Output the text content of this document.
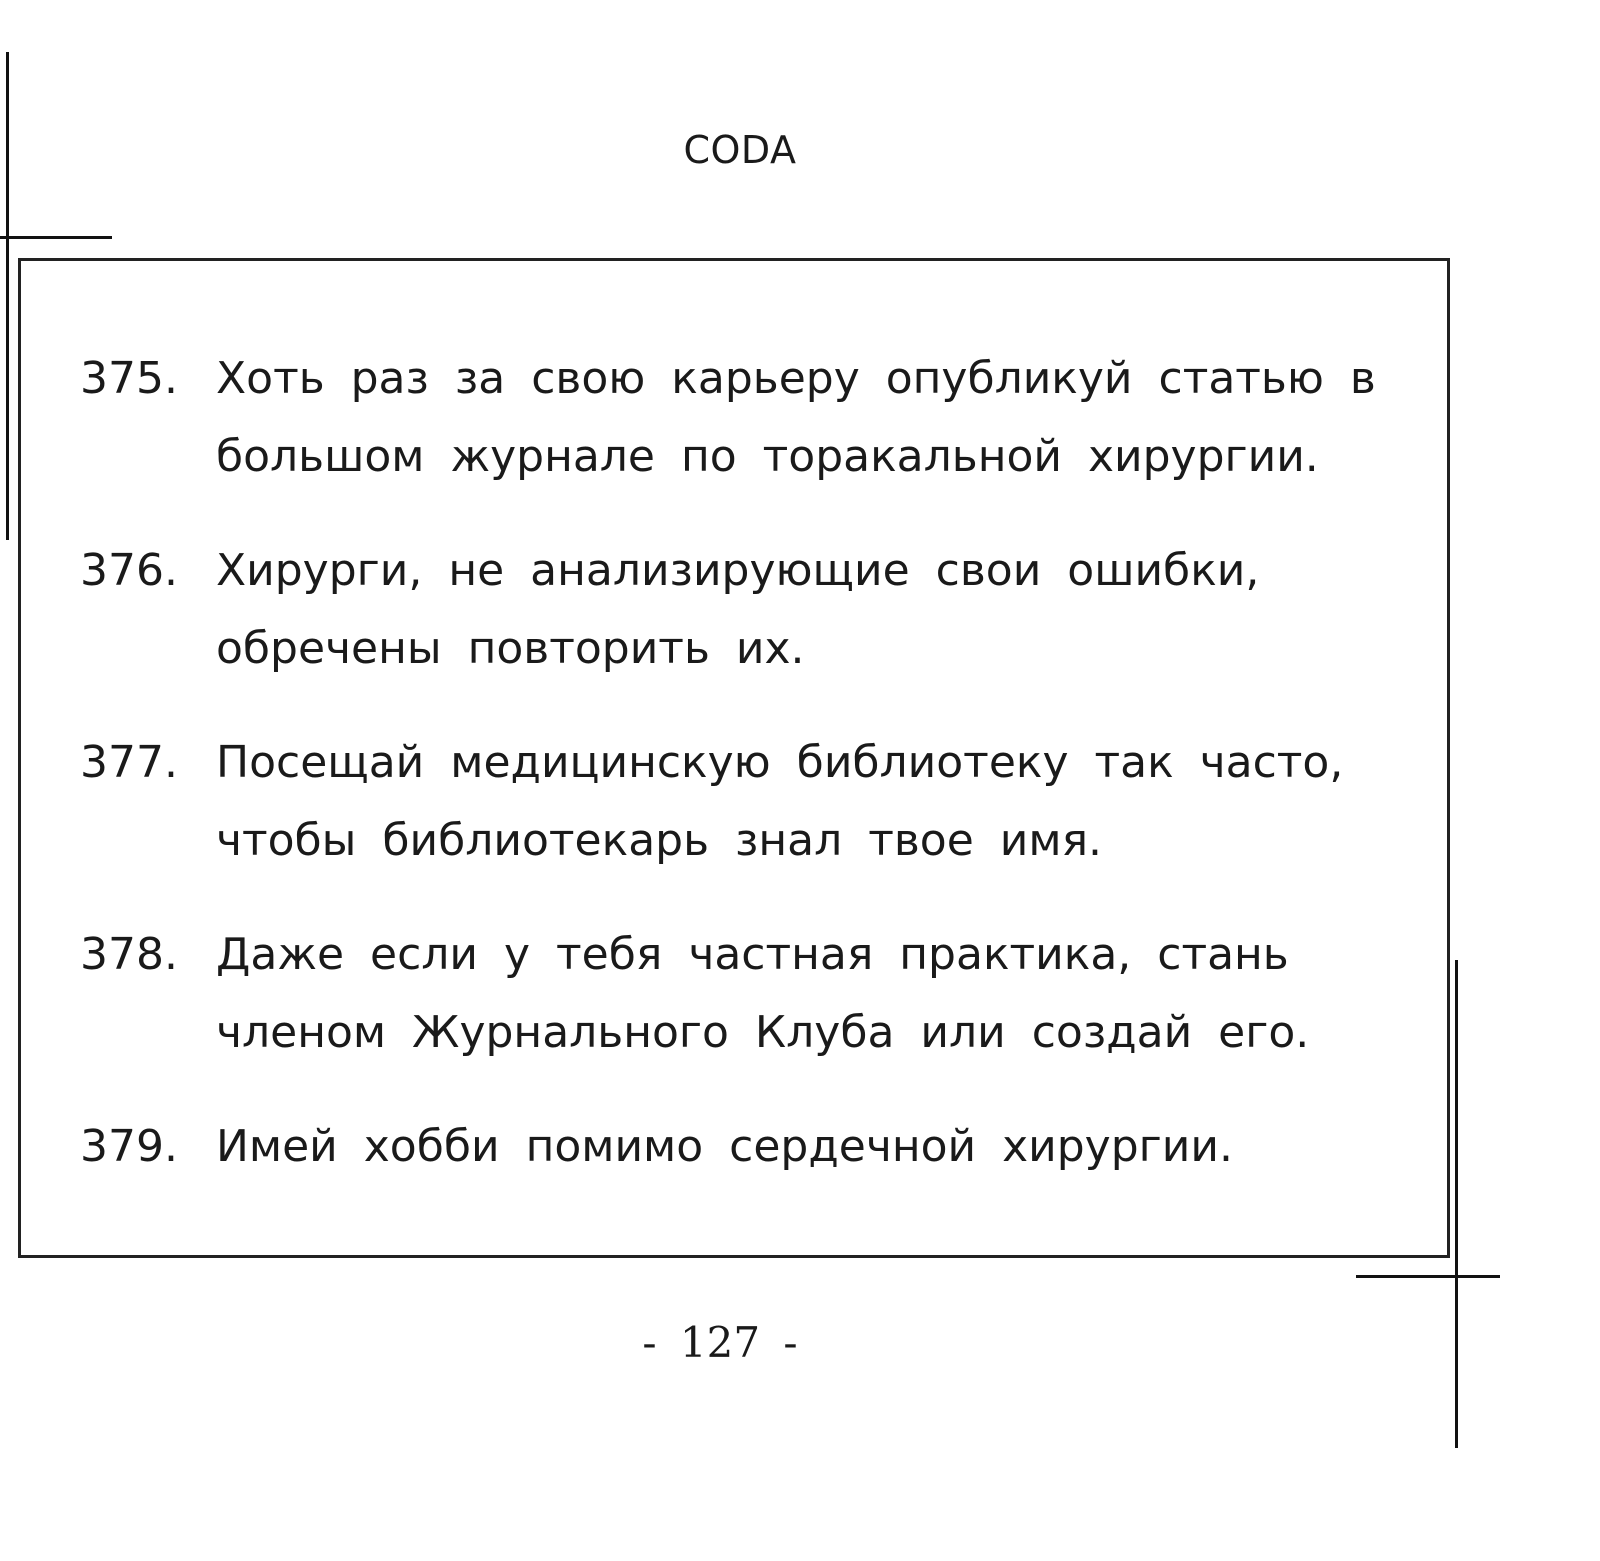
CODA
375. Хоть раз за свою карьеру опубликуй статью в большом журнале по торакальной хирургии.
376. Хирурги, не анализирующие свои ошибки, обречены повторить их.
377. Посещай медицинскую библиотеку так часто, чтобы библиотекарь знал твое имя.
378. Даже если у тебя частная практика, стань членом Журнального Клуба или создай его.
379. Имей хобби помимо сердечной хирургии.
- 127 -
